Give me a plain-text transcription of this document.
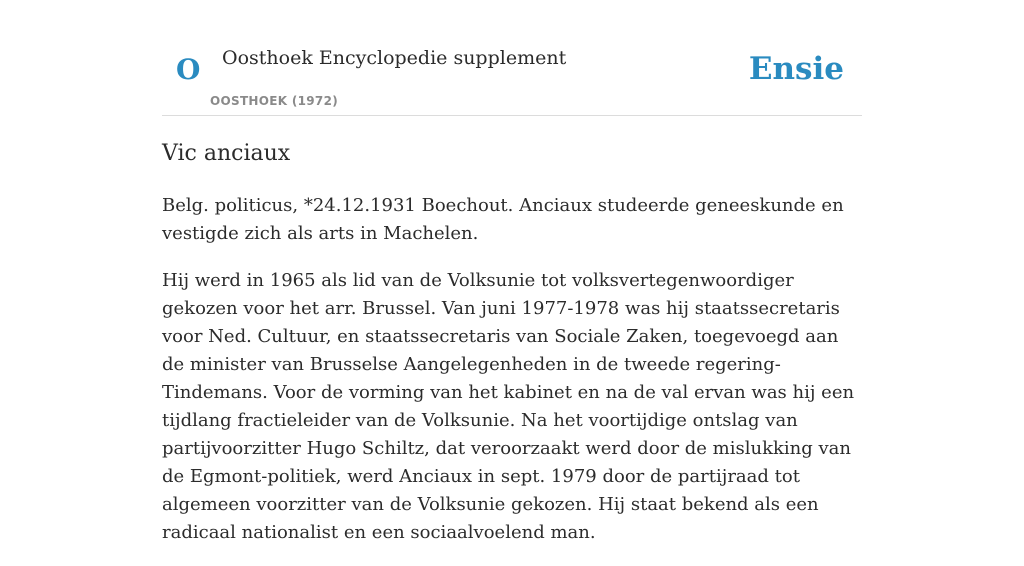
O Oosthoek Encyclopedie supplement
OOSTHOEK (1972)
Ensie
Vic anciaux

Belg. politicus, *24.12.1931 Boechout. Anciaux studeerde geneeskunde en vestigde zich als arts in Machelen.

Hij werd in 1965 als lid van de Volksunie tot volksvertegenwoordiger gekozen voor het arr. Brussel. Van juni 1977-1978 was hij staatssecretaris voor Ned. Cultuur, en staatssecretaris van Sociale Zaken, toegevoegd aan de minister van Brusselse Aangelegenheden in de tweede regering-Tindemans. Voor de vorming van het kabinet en na de val ervan was hij een tijdlang fractieleider van de Volksunie. Na het voortijdige ontslag van partijvoorzitter Hugo Schiltz, dat veroorzaakt werd door de mislukking van de Egmont-politiek, werd Anciaux in sept. 1979 door de partijraad tot algemeen voorzitter van de Volksunie gekozen. Hij staat bekend als een radicaal nationalist en een sociaalvoelend man.
